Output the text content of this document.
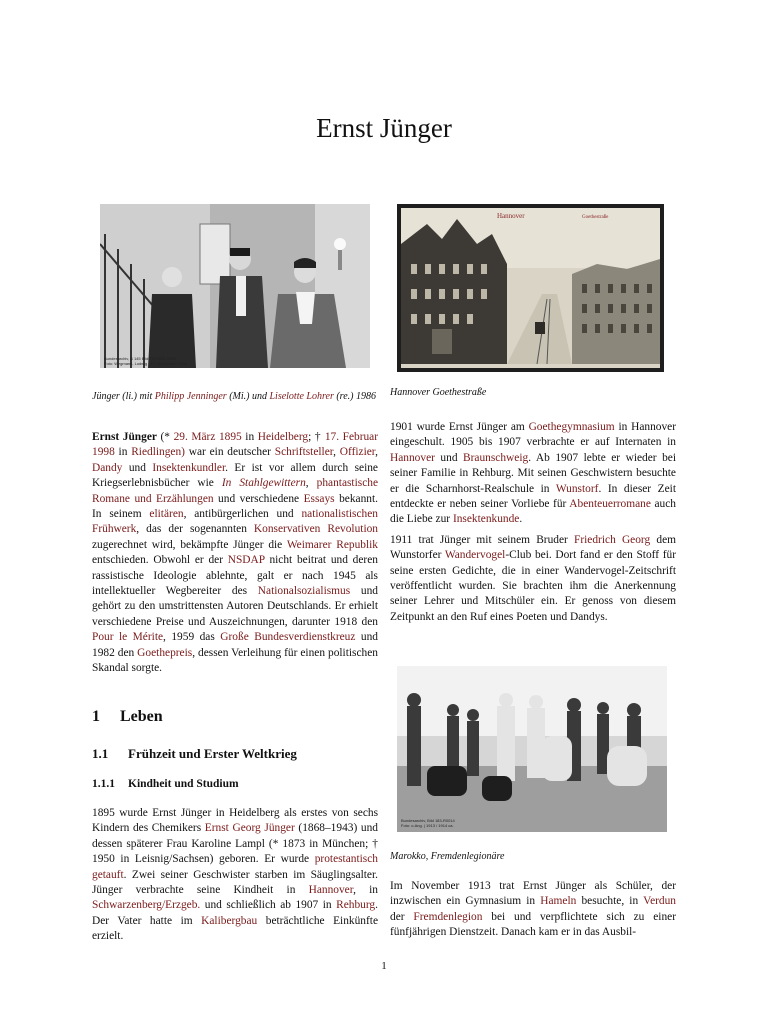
Ernst Jünger
Bundesarchiv, B 145 Bild-F073549-0005
Foto: Wegmann, Ludwig | 17. September 1986
Jünger (li.) mit Philipp Jenninger (Mi.) und Liselotte Lohrer (re.) 1986
Hannover	Goethestraße
Hannover Goethestraße

Ernst Jünger (* 29. März 1895 in Heidelberg; † 17. Februar 1998 in Riedlingen) war ein deutscher Schriftsteller, Offizier, Dandy und Insektenkundler. Er ist vor allem durch seine Kriegserlebnisbücher wie In Stahlgewittern, phantastische Romane und Erzählungen und verschiedene Essays bekannt. In seinem elitären, antibürgerlichen und nationalistischen Frühwerk, das der sogenannten Konservativen Revolution zugerechnet wird, bekämpfte Jünger die Weimarer Republik entschieden. Obwohl er der NSDAP nicht beitrat und deren rassistische Ideologie ablehnte, galt er nach 1945 als intellektueller Wegbereiter des Nationalsozialismus und gehört zu den umstrittensten Autoren Deutschlands. Er erhielt verschiedene Preise und Auszeichnungen, darunter 1918 den Pour le Mérite, 1959 das Große Bundesverdienstkreuz und 1982 den Goethepreis, dessen Verleihung für einen politischen Skandal sorgte.

1 Leben
1.1 Frühzeit und Erster Weltkrieg
1.1.1 Kindheit und Studium

1895 wurde Ernst Jünger in Heidelberg als erstes von sechs Kindern des Chemikers Ernst Georg Jünger (1868–1943) und dessen späterer Frau Karoline Lampl (* 1873 in München; † 1950 in Leisnig/Sachsen) geboren. Er wurde protestantisch getauft. Zwei seiner Geschwister starben im Säuglingsalter. Jünger verbrachte seine Kindheit in Hannover, in Schwarzenberg/Erzgeb. und schließlich ab 1907 in Rehburg. Der Vater hatte im Kalibergbau beträchtliche Einkünfte erzielt.

1901 wurde Ernst Jünger am Goethegymnasium in Hannover eingeschult. 1905 bis 1907 verbrachte er auf Internaten in Hannover und Braunschweig. Ab 1907 lebte er wieder bei seiner Familie in Rehburg. Mit seinen Geschwistern besuchte er die Scharnhorst-Realschule in Wunstorf. In dieser Zeit entdeckte er neben seiner Vorliebe für Abenteuerromane auch die Liebe zur Insektenkunde.

1911 trat Jünger mit seinem Bruder Friedrich Georg dem Wunstorfer Wandervogel-Club bei. Dort fand er den Stoff für seine ersten Gedichte, die in einer Wandervogel-Zeitschrift veröffentlicht wurden. Sie brachten ihm die Anerkennung seiner Lehrer und Mitschüler ein. Er genoss von diesem Zeitpunkt an den Ruf eines Poeten und Dandys.

Bundesarchiv, Bild 183-R0014
Foto: o.Ang. | 1913 / 1914 ca.
Marokko, Fremdenlegionäre

Im November 1913 trat Ernst Jünger als Schüler, der inzwischen ein Gymnasium in Hameln besuchte, in Verdun der Fremdenlegion bei und verpflichtete sich zu einer fünfjährigen Dienstzeit. Danach kam er in das Ausbil-

1
